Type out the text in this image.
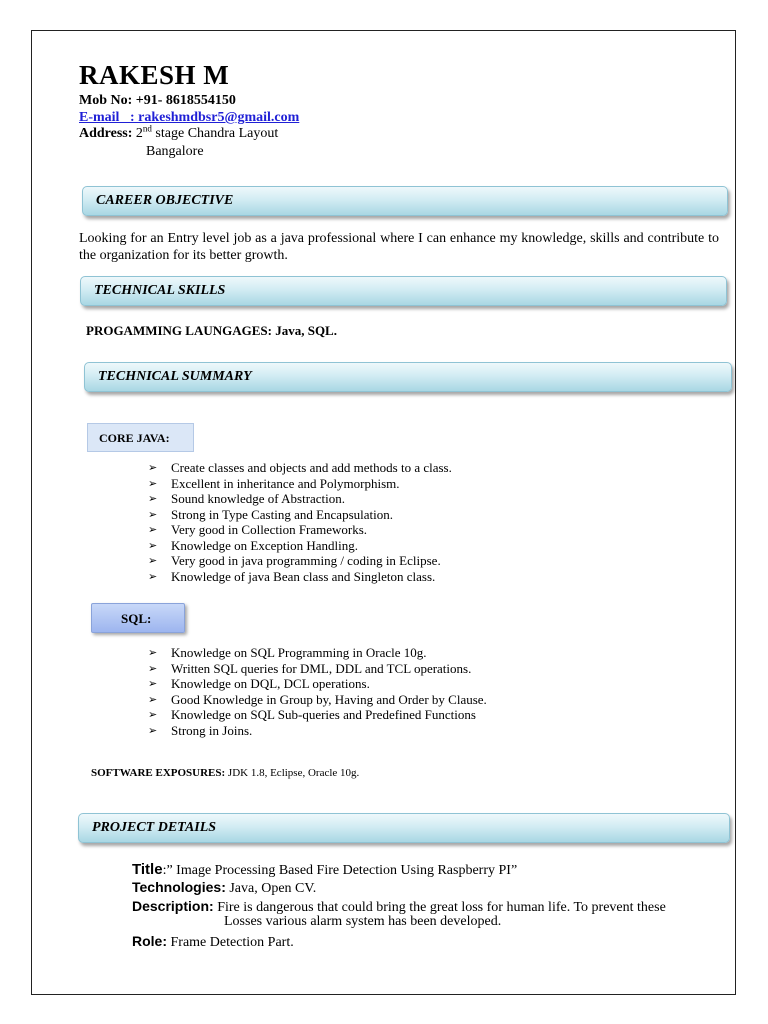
RAKESH M
Mob No: +91- 8618554150
E-mail   : rakeshmdbsr5@gmail.com
Address: 2nd stage Chandra Layout
Bangalore
CAREER OBJECTIVE
Looking for an Entry level job as a java professional where I can enhance my knowledge, skills and contribute to the organization for its better growth.
TECHNICAL SKILLS
PROGAMMING LAUNGAGES: Java, SQL.
TECHNICAL SUMMARY
CORE JAVA:
➢ Create classes and objects and add methods to a class.
➢ Excellent in inheritance and Polymorphism.
➢ Sound knowledge of Abstraction.
➢ Strong in Type Casting and Encapsulation.
➢ Very good in Collection Frameworks.
➢ Knowledge on Exception Handling.
➢ Very good in java programming / coding in Eclipse.
➢ Knowledge of java Bean class and Singleton class.
SQL:
➢ Knowledge on SQL Programming in Oracle 10g.
➢ Written SQL queries for DML, DDL and TCL operations.
➢ Knowledge on DQL, DCL operations.
➢ Good Knowledge in Group by, Having and Order by Clause.
➢ Knowledge on SQL Sub-queries and Predefined Functions
➢ Strong in Joins.
SOFTWARE EXPOSURES: JDK 1.8, Eclipse, Oracle 10g.
PROJECT DETAILS
Title:” Image Processing Based Fire Detection Using Raspberry PI”
Technologies: Java, Open CV.
Description: Fire is dangerous that could bring the great loss for human life. To prevent these
Losses various alarm system has been developed.
Role: Frame Detection Part.
